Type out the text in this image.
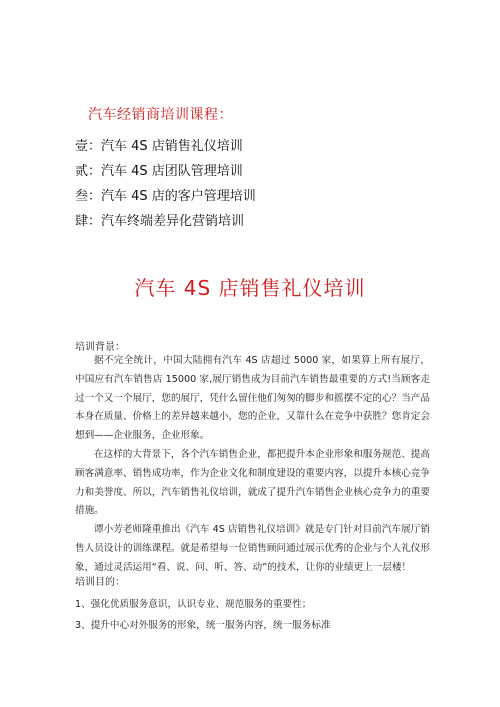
汽车经销商培训课程：
壹：汽车 4S 店销售礼仪培训
贰：汽车 4S 店团队管理培训
叁：汽车 4S 店的客户管理培训
肆：汽车终端差异化营销培训
汽车 4S 店销售礼仪培训
培训背景：

据不完全统计，中国大陆拥有汽车 4S 店超过 5000 家，如果算上所有展厅，中国应有汽车销售店 15000 家,展厅销售成为目前汽车销售最重要的方式!当顾客走过一个又一个展厅，您的展厅，凭什么留住他们匆匆的脚步和摇摆不定的心？当产品本身在质量、价格上的差异越来越小，您的企业，又靠什么在竞争中获胜？您肯定会想到——企业服务，企业形象。

在这样的大背景下，各个汽车销售企业，都把提升本企业形象和服务规范、提高顾客满意率、销售成功率，作为企业文化和制度建设的重要内容，以提升本核心竞争力和美誉度、所以，汽车销售礼仪培训，就成了提升汽车销售企业核心竞争力的重要措施。

谭小芳老师隆重推出《汽车 4S 店销售礼仪培训》就是专门针对目前汽车展厅销售人员设计的训练课程。就是希望每一位销售顾问通过展示优秀的企业与个人礼仪形象，通过灵活运用“看、说、问、听、答、动”的技术，让你的业绩更上一层楼！

培训目的：
1、强化优质服务意识，认识专业、规范服务的重要性；
3、提升中心对外服务的形象，统一服务内容，统一服务标准
